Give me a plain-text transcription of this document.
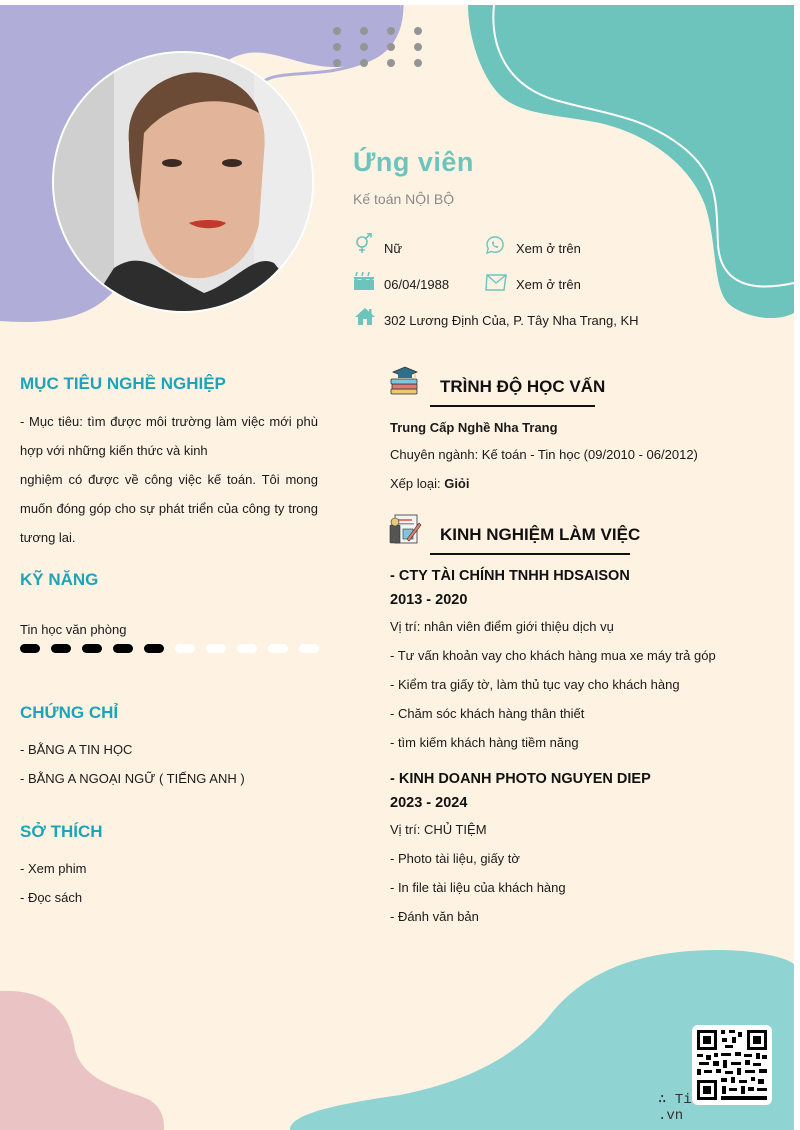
Ứng viên
Kế toán NỘI BỘ
Nữ	Xem ở trên
06/04/1988	Xem ở trên
302 Lương Định Của, P. Tây Nha Trang, KH
MỤC TIÊU NGHỀ NGHIỆP

- Mục tiêu: tìm được môi trường làm việc mới phù hợp với những kiến thức và kinh

nghiệm có được về công việc kế toán. Tôi mong muốn đóng góp cho sự phát triển của công ty trong tương lai.

KỸ NĂNG
Tin học văn phòng
CHỨNG CHỈ
- BẰNG A TIN HỌC
- BẰNG A NGOẠI NGỮ ( TIẾNG ANH )
SỞ THÍCH
- Xem phim
- Đọc sách
TRÌNH ĐỘ HỌC VẤN
Trung Cấp Nghề Nha Trang
Chuyên ngành: Kế toán - Tin học (09/2010 - 06/2012)
Xếp loại: Giỏi
KINH NGHIỆM LÀM VIỆC
- CTY TÀI CHÍNH TNHH HDSAISON
2013 - 2020
Vị trí: nhân viên điểm giới thiệu dịch vụ
- Tư vấn khoản vay cho khách hàng mua xe máy trả góp
- Kiểm tra giấy tờ, làm thủ tục vay cho khách hàng
- Chăm sóc khách hàng thân thiết
- tìm kiếm khách hàng tiềm năng
- KINH DOANH PHOTO NGUYEN DIEP
2023 - 2024
Vị trí: CHỦ TIỆM
- Photo tài liệu, giấy tờ
- In file tài liệu của khách hàng
- Đánh văn bản
∴ Ti.vn
